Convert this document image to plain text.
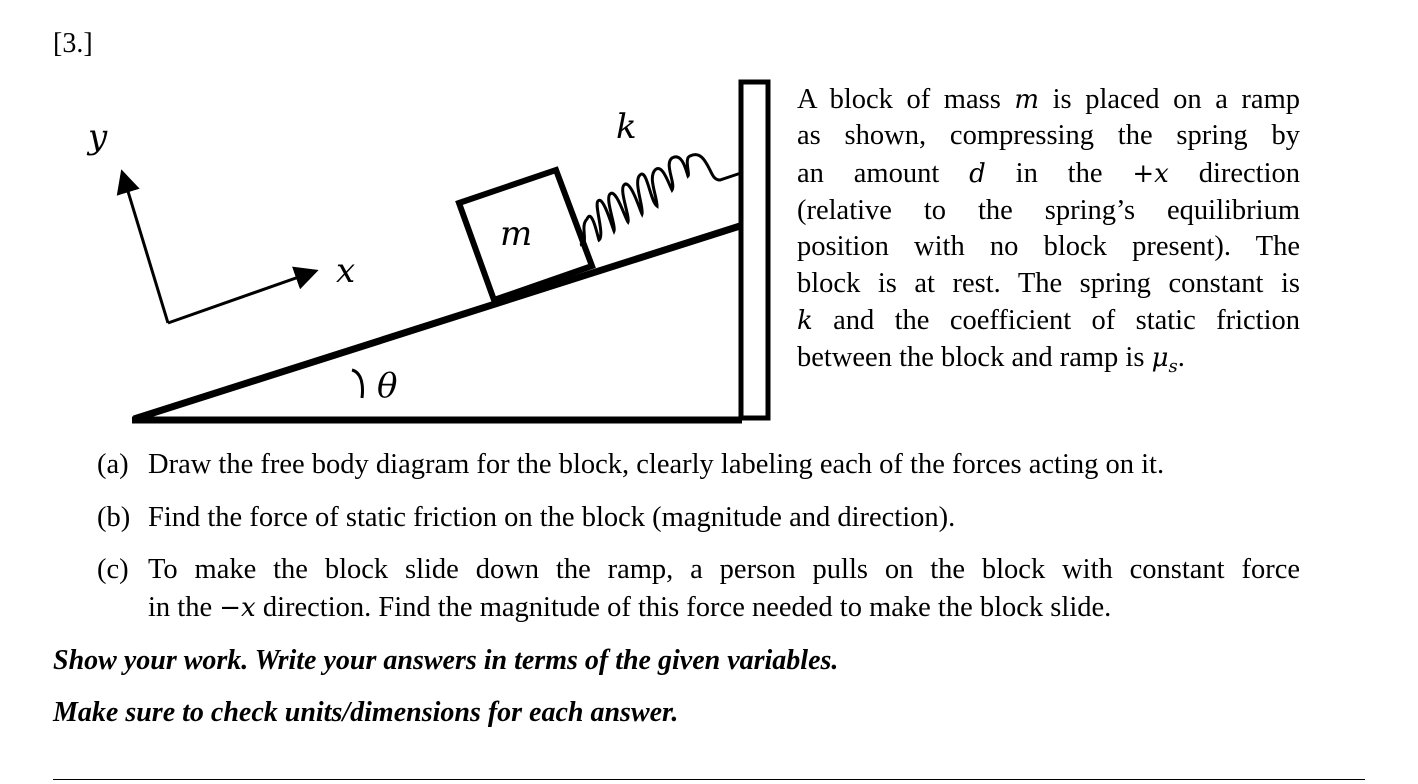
[3.]
y
x
m
k
θ
A block of mass m is placed on a ramp
as shown, compressing the spring by
an amount d in the +x direction
(relative to the spring’s equilibrium
position with no block present). The
block is at rest. The spring constant is
k and the coefficient of static friction
between the block and ramp is $\mu_s$.
(a) Draw the free body diagram for the block, clearly labeling each of the forces acting on it.
(b) Find the force of static friction on the block (magnitude and direction).
(c) To make the block slide down the ramp, a person pulls on the block with constant force
in the −x direction. Find the magnitude of this force needed to make the block slide.
Show your work. Write your answers in terms of the given variables.
Make sure to check units/dimensions for each answer.
